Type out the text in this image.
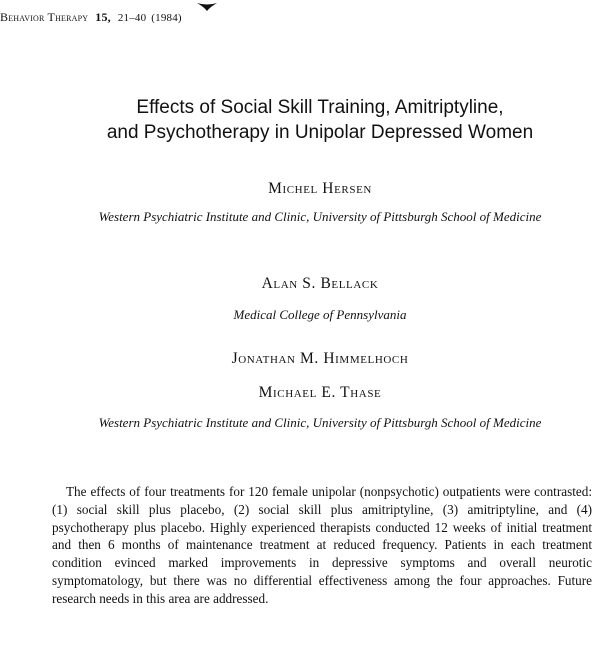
Behavior Therapy 15, 21–40 (1984)
Effects of Social Skill Training, Amitriptyline,
and Psychotherapy in Unipolar Depressed Women
Michel Hersen
Western Psychiatric Institute and Clinic, University of Pittsburgh School of Medicine
Alan S. Bellack
Medical College of Pennsylvania
Jonathan M. Himmelhoch
Michael E. Thase
Western Psychiatric Institute and Clinic, University of Pittsburgh School of Medicine
The effects of four treatments for 120 female unipolar (nonpsychotic) outpatients were contrasted: (1) social skill plus placebo, (2) social skill plus amitriptyline, (3) amitriptyline, and (4) psychotherapy plus placebo. Highly experienced therapists conducted 12 weeks of initial treatment and then 6 months of maintenance treatment at reduced frequency. Patients in each treatment condition evinced marked improvements in depressive symptoms and overall neurotic symptomatology, but there was no differential effectiveness among the four approaches. Future research needs in this area are addressed.
